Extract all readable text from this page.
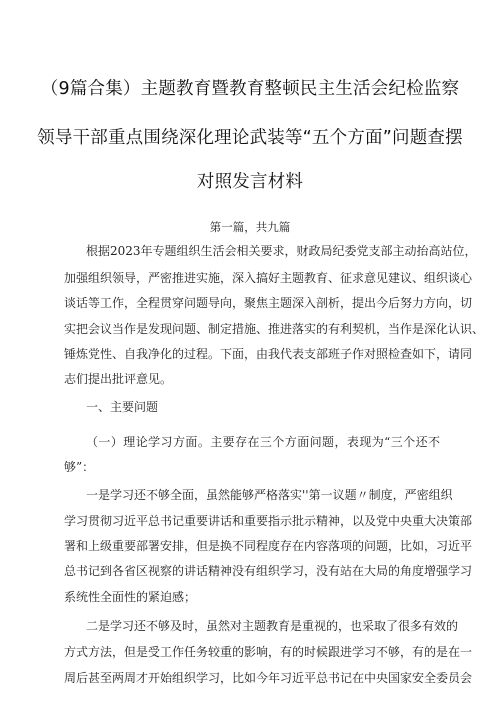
（9篇合集）主题教育暨教育整顿民主生活会纪检监察
领导干部重点围绕深化理论武装等“五个方面”问题查摆
对照发言材料
第一篇，共九篇
根据2023年专题组织生活会相关要求，财政局纪委党支部主动抬高站位，
加强组织领导，严密推进实施，深入搞好主题教育、征求意见建议、组织谈心
谈话等工作，全程贯穿问题导向，聚焦主题深入剖析，提出今后努力方向，切
实把会议当作是发现问题、制定措施、推进落实的有利契机，当作是深化认识、
锤炼党性、自我净化的过程。下面，由我代表支部班子作对照检查如下，请同
志们提出批评意见。
一、主要问题
（一）理论学习方面。主要存在三个方面问题，表现为“三个还不
够”：
一是学习还不够全面，虽然能够严格落实''第一议题〃制度，严密组织
学习贯彻习近平总书记重要讲话和重要指示批示精神，以及党中央重大决策部
署和上级重要部署安排，但是换不同程度存在内容落项的问题，比如，习近平
总书记到各省区视察的讲话精神没有组织学习，没有站在大局的角度增强学习
系统性全面性的紧迫感；
二是学习还不够及时，虽然对主题教育是重视的，也采取了很多有效的
方式方法，但是受工作任务较重的影响，有的时候跟进学习不够，有的是在一
周后甚至两周才开始组织学习，比如今年习近平总书记在中央国家安全委员会
